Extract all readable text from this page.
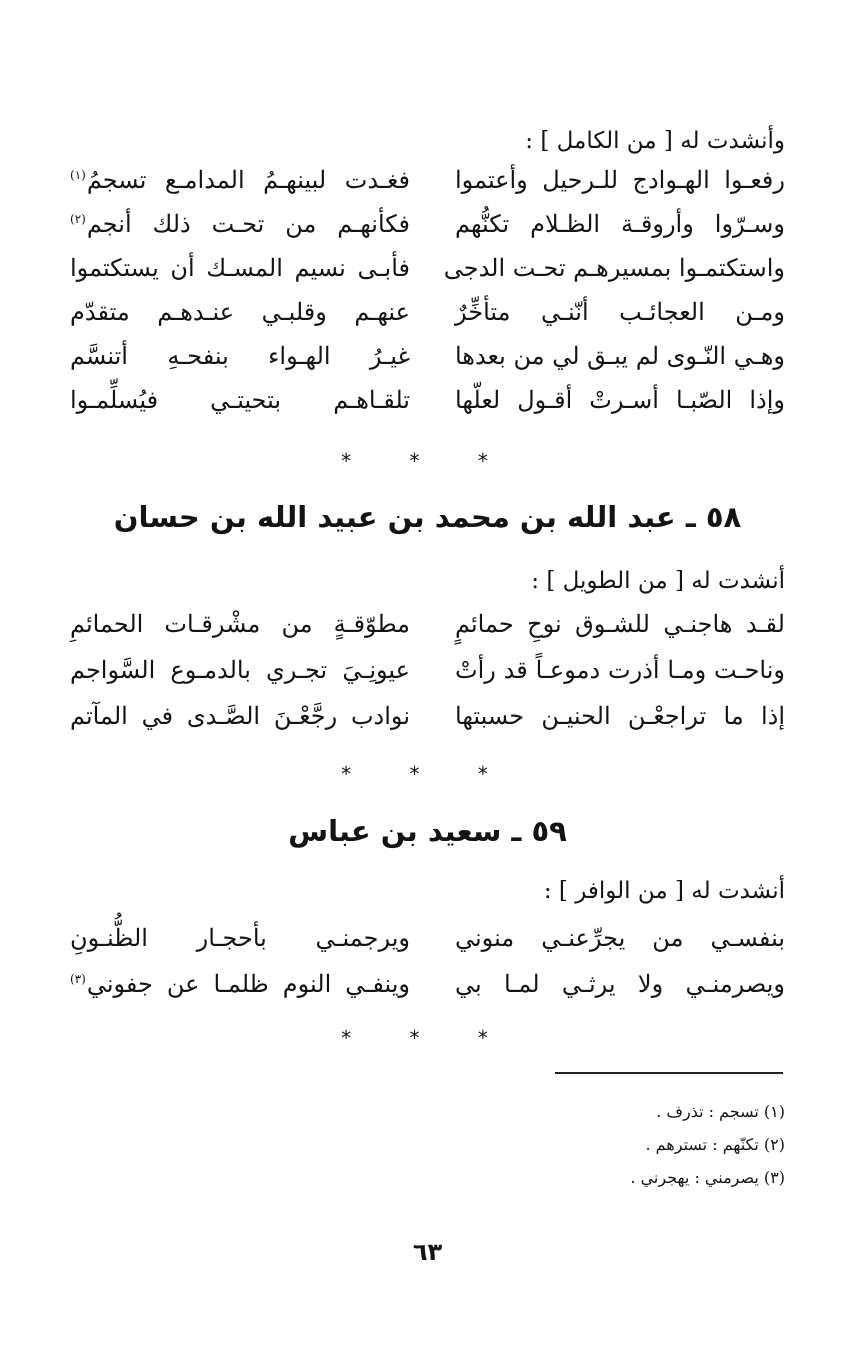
وأنشدت له [ من الكامل ] :
رفعـوا الهـوادج للـرحيل وأعتموا
فغـدت لبينهـمُ المدامـع تسجمُ$^{(١)}$
وسـرّوا وأروقـة الظـلام تكنُّهم
فكأنهـم من تحـت ذلك أنجم$^{(٢)}$
واستكتمـوا بمسيرهـم تحـت الدجى
فأبـى نسيم المسـك أن يستكتموا
ومـن العجائـب أنّنـي متأخِّرٌ
عنهـم وقلبـي عنـدهـم متقدّم
وهـي النّـوى لم يبـق لي من بعدها
غيـرُ الهـواء بنفحـهِ أتنسَّم
وإذا الصّبـا أسـرتْ أقـول لعلّها
تلقـاهـم بتحيتـي فيُسلِّمـوا
* * *
٥٨ ـ عبد الله بن محمد بن عبيد الله بن حسان
أنشدت له [ من الطويل ] :
لقـد هاجنـي للشـوق نوحِ حمائمٍ
مطوّقـةٍ من مشْرقـات الحمائمِ
وناحـت ومـا أذرت دموعـاً قد رأتْ
عيونِـيَ تجـري بالدمـوع السَّواجم
إذا ما تراجعْـن الحنيـن حسبتها
نوادب رجَّعْـنَ الصَّـدى في المآتم
* * *
٥٩ ـ سعيد بن عباس
أنشدت له [ من الوافر ] :
بنفسـي من يجرِّعنـي منوني
ويرجمنـي بأحجـار الظُّنـونِ
ويصرمنـي ولا يرثـي لمـا بي
وينفـي النوم ظلمـا عن جفوني$^{(٣)}$
* * *
(١) تسجم : تذرف .
(٢) تكنّهم : تسترهم .
(٣) يصرمني : يهجرني .
٦٣
